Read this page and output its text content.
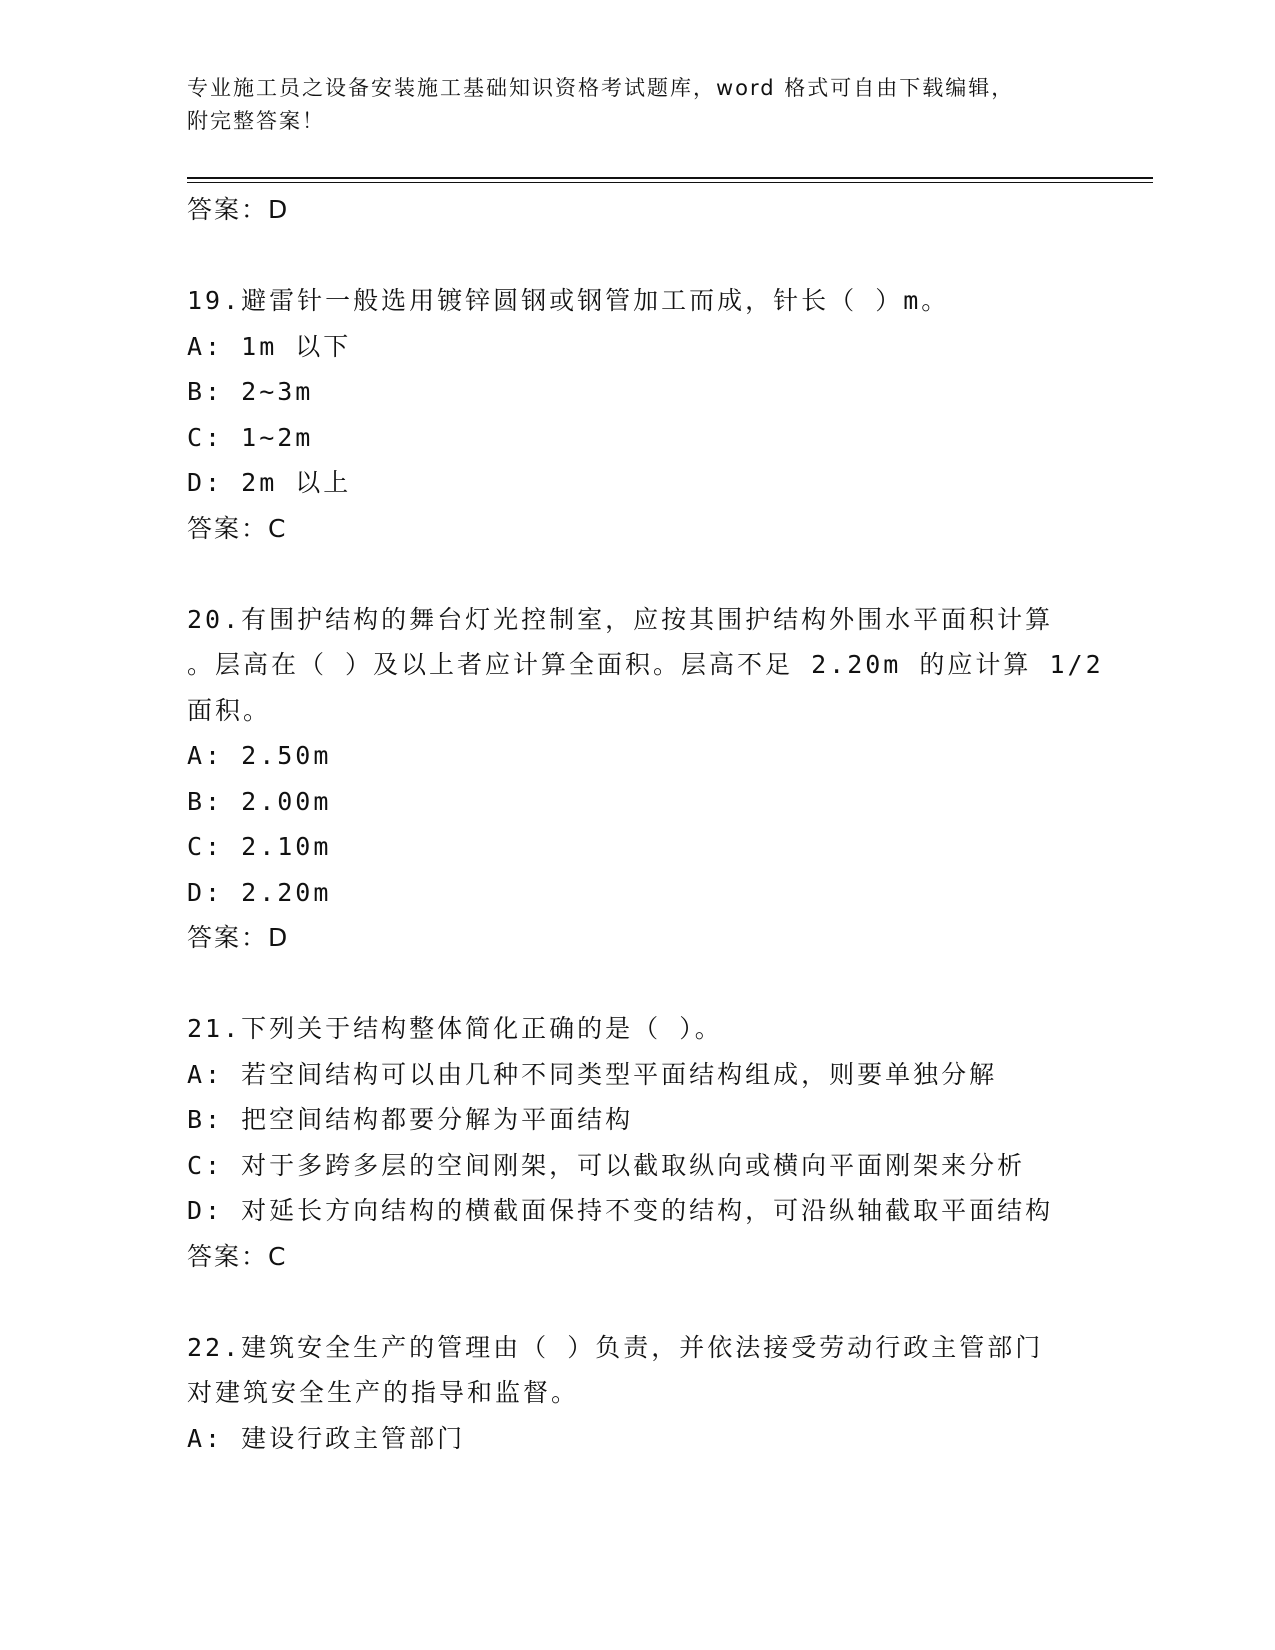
专业施工员之设备安装施工基础知识资格考试题库，word 格式可自由下载编辑，
附完整答案！
答案：D
19.避雷针一般选用镀锌圆钢或钢管加工而成，针长（ ）m。
A: 1m 以下
B: 2~3m
C: 1~2m
D: 2m 以上
答案：C
20.有围护结构的舞台灯光控制室，应按其围护结构外围水平面积计算
。层高在（ ）及以上者应计算全面积。层高不足 2.20m 的应计算 1/2
面积。
A: 2.50m
B: 2.00m
C: 2.10m
D: 2.20m
答案：D
21.下列关于结构整体简化正确的是（ ）。
A: 若空间结构可以由几种不同类型平面结构组成，则要单独分解
B: 把空间结构都要分解为平面结构
C: 对于多跨多层的空间刚架，可以截取纵向或横向平面刚架来分析
D: 对延长方向结构的横截面保持不变的结构，可沿纵轴截取平面结构
答案：C
22.建筑安全生产的管理由（ ）负责，并依法接受劳动行政主管部门
对建筑安全生产的指导和监督。
A: 建设行政主管部门
